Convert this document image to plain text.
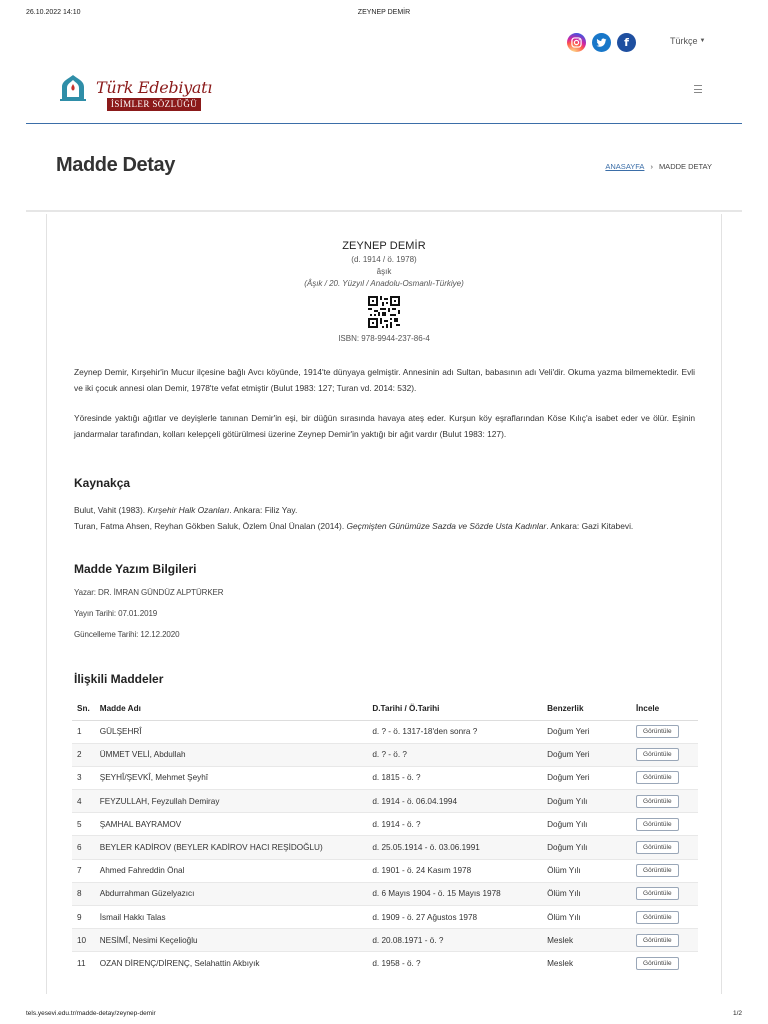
26.10.2022 14:10	ZEYNEP DEMİR
f	Türkçe ▼
Türk Edebiyatı
İSİMLER SÖZLÜĞÜ
Madde Detay	ANASAYFA › MADDE DETAY
ZEYNEP DEMİR
(d. 1914 / ö. 1978)
âşık
(Âşık / 20. Yüzyıl / Anadolu-Osmanlı-Türkiye)
ISBN: 978-9944-237-86-4

Zeynep Demir, Kırşehir'in Mucur ilçesine bağlı Avcı köyünde, 1914'te dünyaya gelmiştir. Annesinin adı Sultan, babasının adı Veli'dir. Okuma yazma bilmemektedir. Evli ve iki çocuk annesi olan Demir, 1978'te vefat etmiştir (Bulut 1983: 127; Turan vd. 2014: 532).

Yöresinde yaktığı ağıtlar ve deyişlerle tanınan Demir'in eşi, bir düğün sırasında havaya ateş eder. Kurşun köy eşraflarından Köse Kılıç'a isabet eder ve ölür. Eşinin jandarmalar tarafından, kolları kelepçeli götürülmesi üzerine Zeynep Demir'in yaktığı bir ağıt vardır (Bulut 1983: 127).

Kaynakça
Bulut, Vahit (1983). Kırşehir Halk Ozanları. Ankara: Filiz Yay.
Turan, Fatma Ahsen, Reyhan Gökben Saluk, Özlem Ünal Ünalan (2014). Geçmişten Günümüze Sazda ve Sözde Usta Kadınlar. Ankara: Gazi Kitabevi.
Madde Yazım Bilgileri
Yazar: DR. İMRAN GÜNDÜZ ALPTÜRKER
Yayın Tarihi: 07.01.2019
Güncelleme Tarihi: 12.12.2020
İlişkili Maddeler
Sn.	Madde Adı	D.Tarihi / Ö.Tarihi	Benzerlik	İncele
1	GÜLŞEHRÎ	d. ? - ö. 1317-18'den sonra ?	Doğum Yeri	Görüntüle
2	ÜMMET VELİ, Abdullah	d. ? - ö. ?	Doğum Yeri	Görüntüle
3	ŞEYHÎ/ŞEVKÎ, Mehmet Şeyhî	d. 1815 - ö. ?	Doğum Yeri	Görüntüle
4	FEYZULLAH, Feyzullah Demiray	d. 1914 - ö. 06.04.1994	Doğum Yılı	Görüntüle
5	ŞAMHAL BAYRAMOV	d. 1914 - ö. ?	Doğum Yılı	Görüntüle
6	BEYLER KADİROV (BEYLER KADİROV HACI REŞİDOĞLU)	d. 25.05.1914 - ö. 03.06.1991	Doğum Yılı	Görüntüle
7	Ahmed Fahreddin Önal	d. 1901 - ö. 24 Kasım 1978	Ölüm Yılı	Görüntüle
8	Abdurrahman Güzelyazıcı	d. 6 Mayıs 1904 - ö. 15 Mayıs 1978	Ölüm Yılı	Görüntüle
9	İsmail Hakkı Talas	d. 1909 - ö. 27 Ağustos 1978	Ölüm Yılı	Görüntüle
10	NESİMÎ, Nesimi Keçelioğlu	d. 20.08.1971 - ö. ?	Meslek	Görüntüle
11	OZAN DİRENÇ/DİRENÇ, Selahattin Akbıyık	d. 1958 - ö. ?	Meslek	Görüntüle
tels.yesevi.edu.tr/madde-detay/zeynep-demir	1/2
